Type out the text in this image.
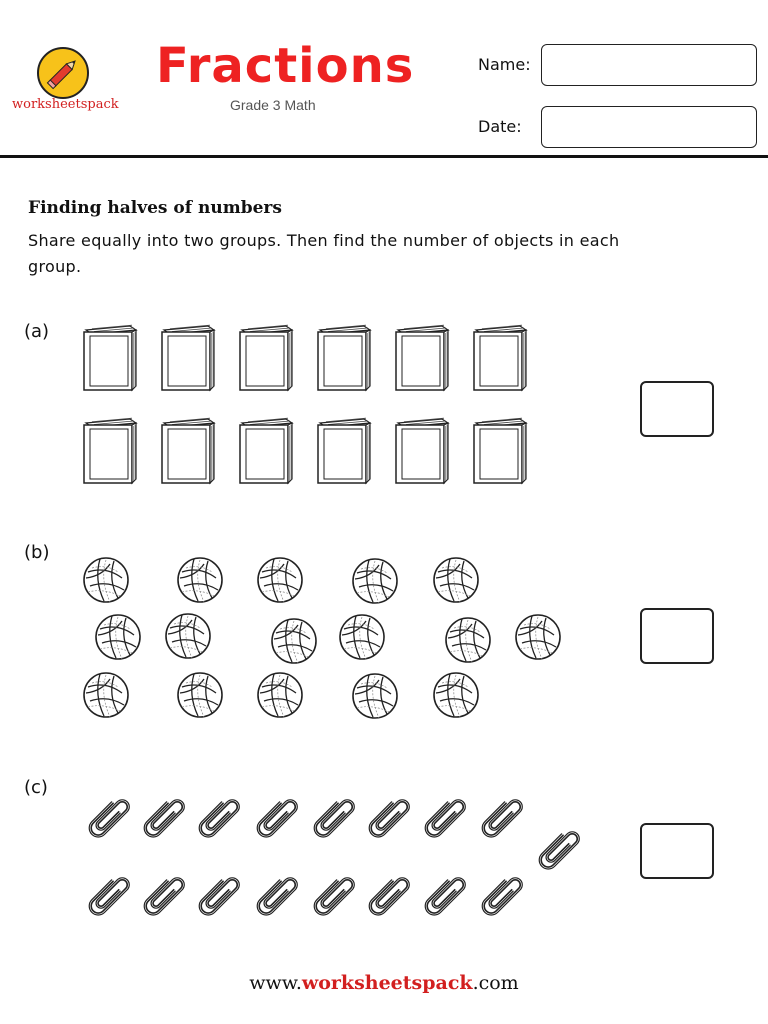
worksheetspack
Fractions
Grade 3 Math
Name:
Date:
Finding halves of numbers
Share equally into two groups. Then find the number of objects in each group.
(a)
(b)
(c)
www.worksheetspack.com
